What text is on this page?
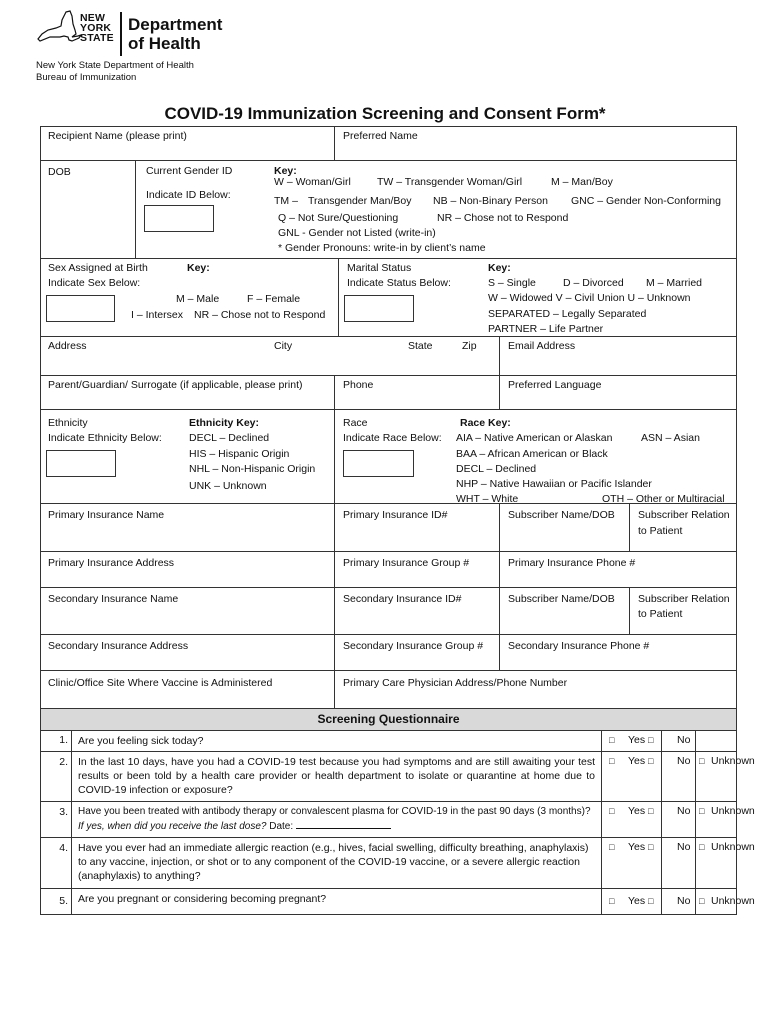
NEW
YORK
STATE
Department
of Health
New York State Department of Health
Bureau of Immunization
COVID-19 Immunization Screening and Consent Form*
Recipient Name (please print)	Preferred Name
DOB	Current Gender ID
Indicate ID Below:
Key:
W – Woman/Girl TW – Transgender Woman/Girl	M – Man/Boy
TM – Transgender Man/Boy NB – Non-Binary Person GNC – Gender Non-Conforming
Q – Not Sure/Questioning	NR – Chose not to Respond
GNL - Gender not Listed (write-in)
* Gender Pronouns: write-in by client’s name
Sex Assigned at Birth
Indicate Sex Below:
Key:
M – Male	F – Female
I – Intersex NR – Chose not to Respond
Marital Status
Indicate Status Below:
Key:
S – Single	D – Divorced M – Married
W – Widowed V – Civil Union U – Unknown
SEPARATED – Legally Separated
PARTNER – Life Partner
Address	City	State	Zip	Email Address
Parent/Guardian/ Surrogate (if applicable, please print)	Phone	Preferred Language
Ethnicity
Indicate Ethnicity Below:
Ethnicity Key:
DECL – Declined
HIS – Hispanic Origin
NHL – Non-Hispanic Origin
UNK – Unknown
Race
Indicate Race Below:
Race Key:
AIA – Native American or Alaskan	ASN – Asian
BAA – African American or Black
DECL – Declined
NHP – Native Hawaiian or Pacific Islander
WHT – White	OTH – Other or Multiracial
Primary Insurance Name	Primary Insurance ID#	Subscriber Name/DOB Subscriber Relation
to Patient
Primary Insurance Address	Primary Insurance Group #	Primary Insurance Phone #
Secondary Insurance Name	Secondary Insurance ID#	Subscriber Name/DOB Subscriber Relation
to Patient
Secondary Insurance Address	Secondary Insurance Group # Secondary Insurance Phone #
Clinic/Office Site Where Vaccine is Administered	Primary Care Physician Address/Phone Number
Screening Questionnaire
1. Are you feeling sick today?	□ Yes □ No
2. In the last 10 days, have you had a COVID-19 test because you had symptoms and are still awaiting your test results or been told by a health care provider or health department to isolate or quarantine at home due to COVID-19 infection or exposure?
□ Yes □ No □ Unknown
3.	Have you been treated with antibody therapy or convalescent plasma for COVID-19 in the past 90 days (3 months)? If yes, when did you receive the last dose? Date:
□ Yes □ No □ Unknown
4. Have you ever had an immediate allergic reaction (e.g., hives, facial swelling, difficulty breathing, anaphylaxis) to any vaccine, injection, or shot or to any component of the COVID-19 vaccine, or a severe allergic reaction (anaphylaxis) to anything?
□ Yes □ No □ Unknown
5. Are you pregnant or considering becoming pregnant?	□ Yes □ No □ Unknown
